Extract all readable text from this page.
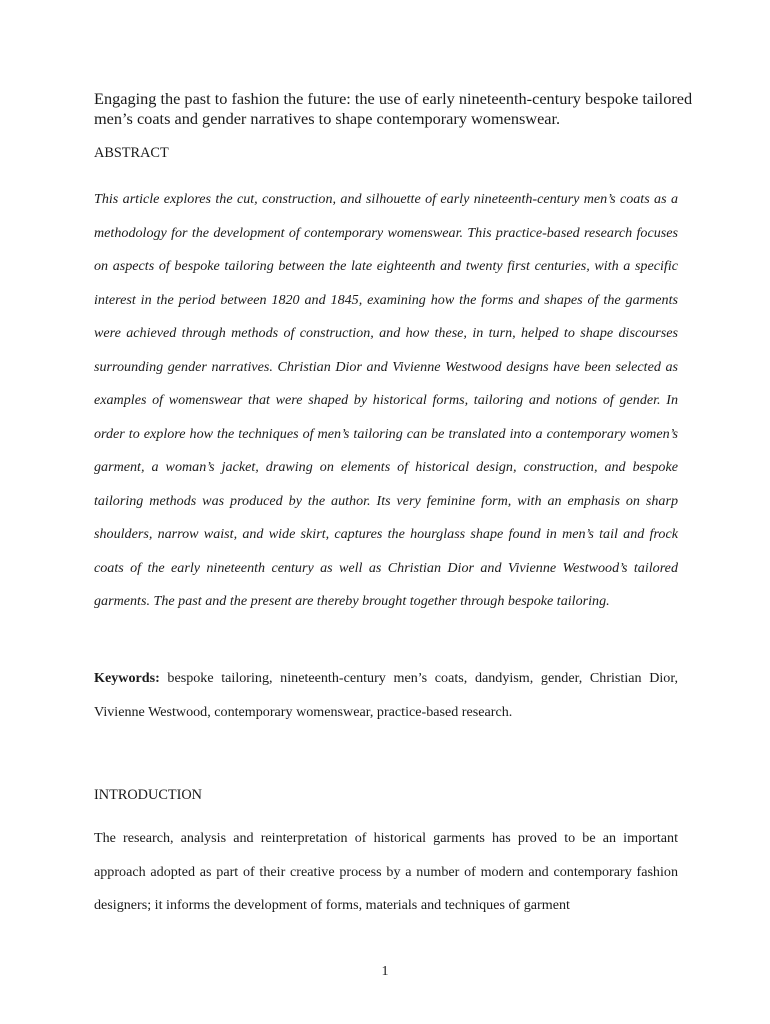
Engaging the past to fashion the future: the use of early nineteenth-century bespoke tailored men’s coats and gender narratives to shape contemporary womenswear.
ABSTRACT
This article explores the cut, construction, and silhouette of early nineteenth-century men’s coats as a methodology for the development of contemporary womenswear. This practice-based research focuses on aspects of bespoke tailoring between the late eighteenth and twenty first centuries, with a specific interest in the period between 1820 and 1845, examining how the forms and shapes of the garments were achieved through methods of construction, and how these, in turn, helped to shape discourses surrounding gender narratives. Christian Dior and Vivienne Westwood designs have been selected as examples of womenswear that were shaped by historical forms, tailoring and notions of gender. In order to explore how the techniques of men’s tailoring can be translated into a contemporary women’s garment, a woman’s jacket, drawing on elements of historical design, construction, and bespoke tailoring methods was produced by the author. Its very feminine form, with an emphasis on sharp shoulders, narrow waist, and wide skirt, captures the hourglass shape found in men’s tail and frock coats of the early nineteenth century as well as Christian Dior and Vivienne Westwood’s tailored garments. The past and the present are thereby brought together through bespoke tailoring.
Keywords: bespoke tailoring, nineteenth-century men’s coats, dandyism, gender, Christian Dior, Vivienne Westwood, contemporary womenswear, practice-based research.
INTRODUCTION
The research, analysis and reinterpretation of historical garments has proved to be an important approach adopted as part of their creative process by a number of modern and contemporary fashion designers; it informs the development of forms, materials and techniques of garment
1
